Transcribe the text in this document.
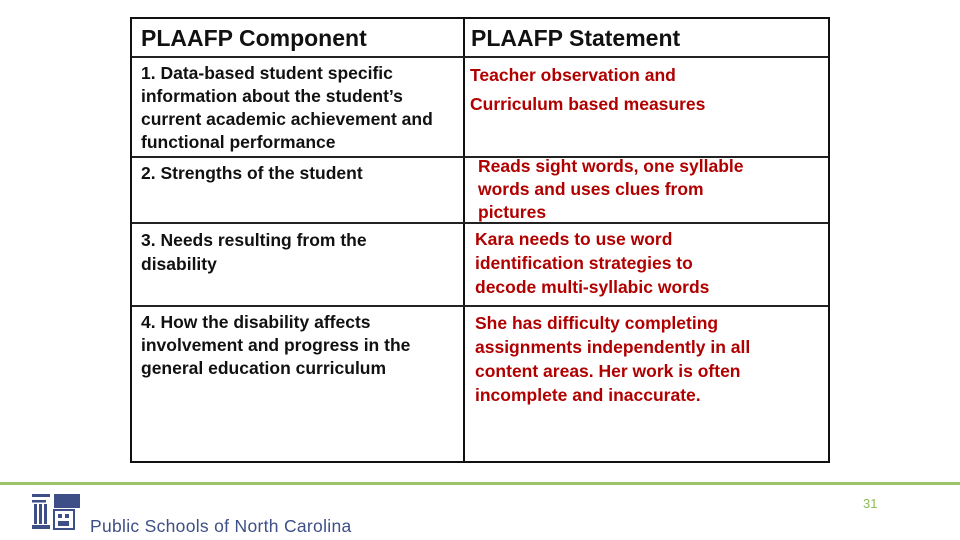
PLAAFP Component	PLAAFP Statement
1. Data-based student specific
information about the student’s
current academic achievement and
functional performance
Teacher observation and
Curriculum based measures
2. Strengths of the student	Reads sight words, one syllable
words and uses clues from
pictures
3. Needs resulting from the
disability
Kara needs to use word
identification strategies to
decode multi-syllabic words
4. How the disability affects
involvement and progress in the
general education curriculum
She has difficulty completing
assignments independently in all
content areas. Her work is often
incomplete and inaccurate.
31
Public Schools of North Carolina
